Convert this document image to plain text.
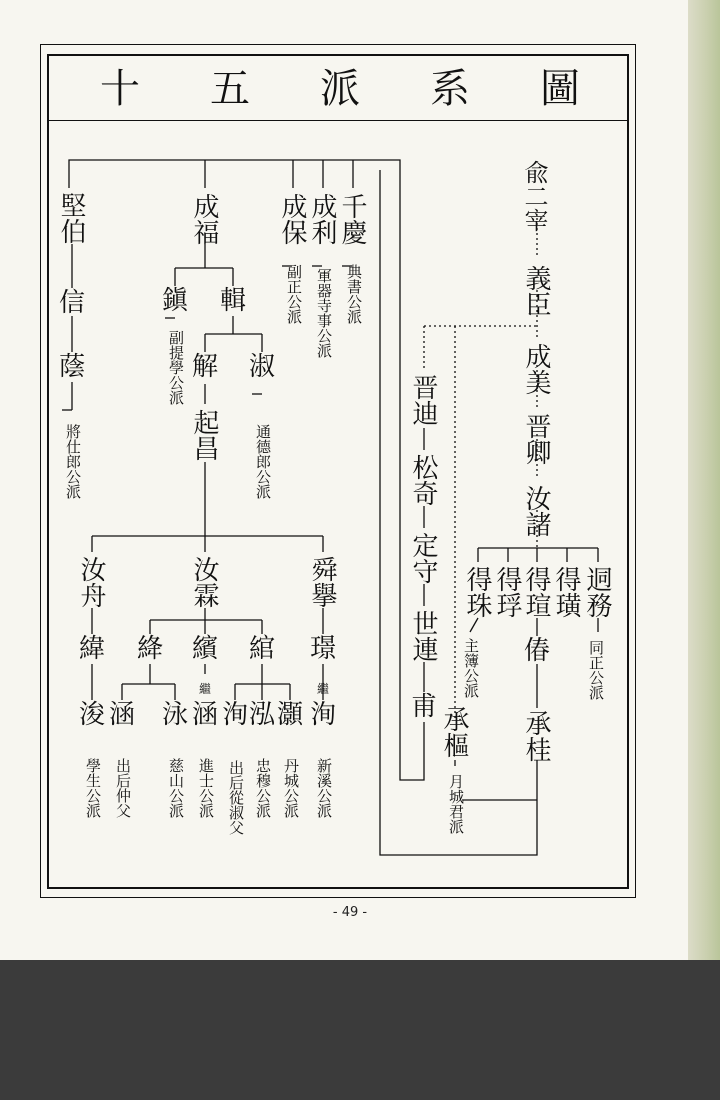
十 五 派 系 圖
兪二宰
義臣
成美
晋卿
汝諸
迵務
得璜
得瑄
得琈
得珠
偆
承桂
承樞
晋迪
松奇
定守
世連
甫
千慶
成利
成保
成福
輯
鎭
淑
解
起昌
堅伯
信
蔭
舜擧
汝霖
汝舟
璟
綰
繽
絳
緯
繼
繼
洵
灝
泓
洵
涵
泳
涵
浚
同正公派
主簿公派
月城君派
典書公派
軍器寺事公派
副正公派
副提學公派
通德郎公派
將仕郎公派
新溪公派
丹城公派
忠穆公派
出后從淑父
進士公派
慈山公派
出后仲父
學生公派
- 49 -
